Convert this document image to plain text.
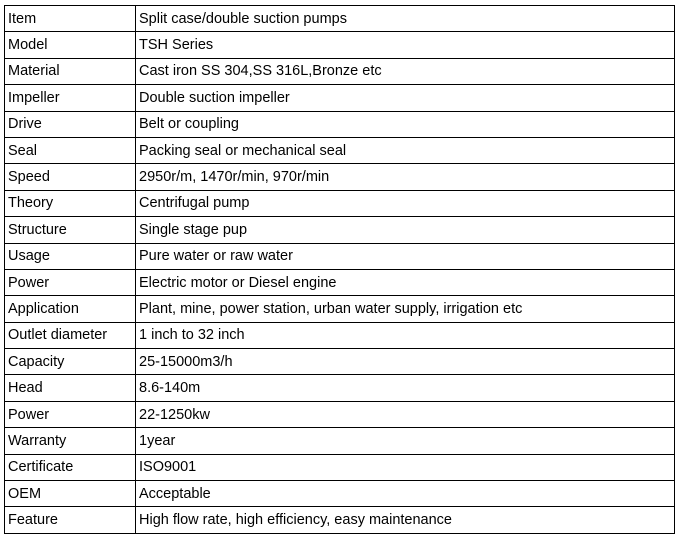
Item	Split case/double suction pumps
Model	TSH Series
Material	Cast iron SS 304,SS 316L,Bronze etc
Impeller	Double suction impeller
Drive	Belt or coupling
Seal	Packing seal or mechanical seal
Speed	2950r/m, 1470r/min, 970r/min
Theory	Centrifugal pump
Structure	Single stage pup
Usage	Pure water or raw water
Power	Electric motor or Diesel engine
Application	Plant, mine, power station, urban water supply, irrigation etc
Outlet diameter	1 inch to 32 inch
Capacity	25-15000m3/h
Head	8.6-140m
Power	22-1250kw
Warranty	1year
Certificate	ISO9001
OEM	Acceptable
Feature	High flow rate, high efficiency, easy maintenance
